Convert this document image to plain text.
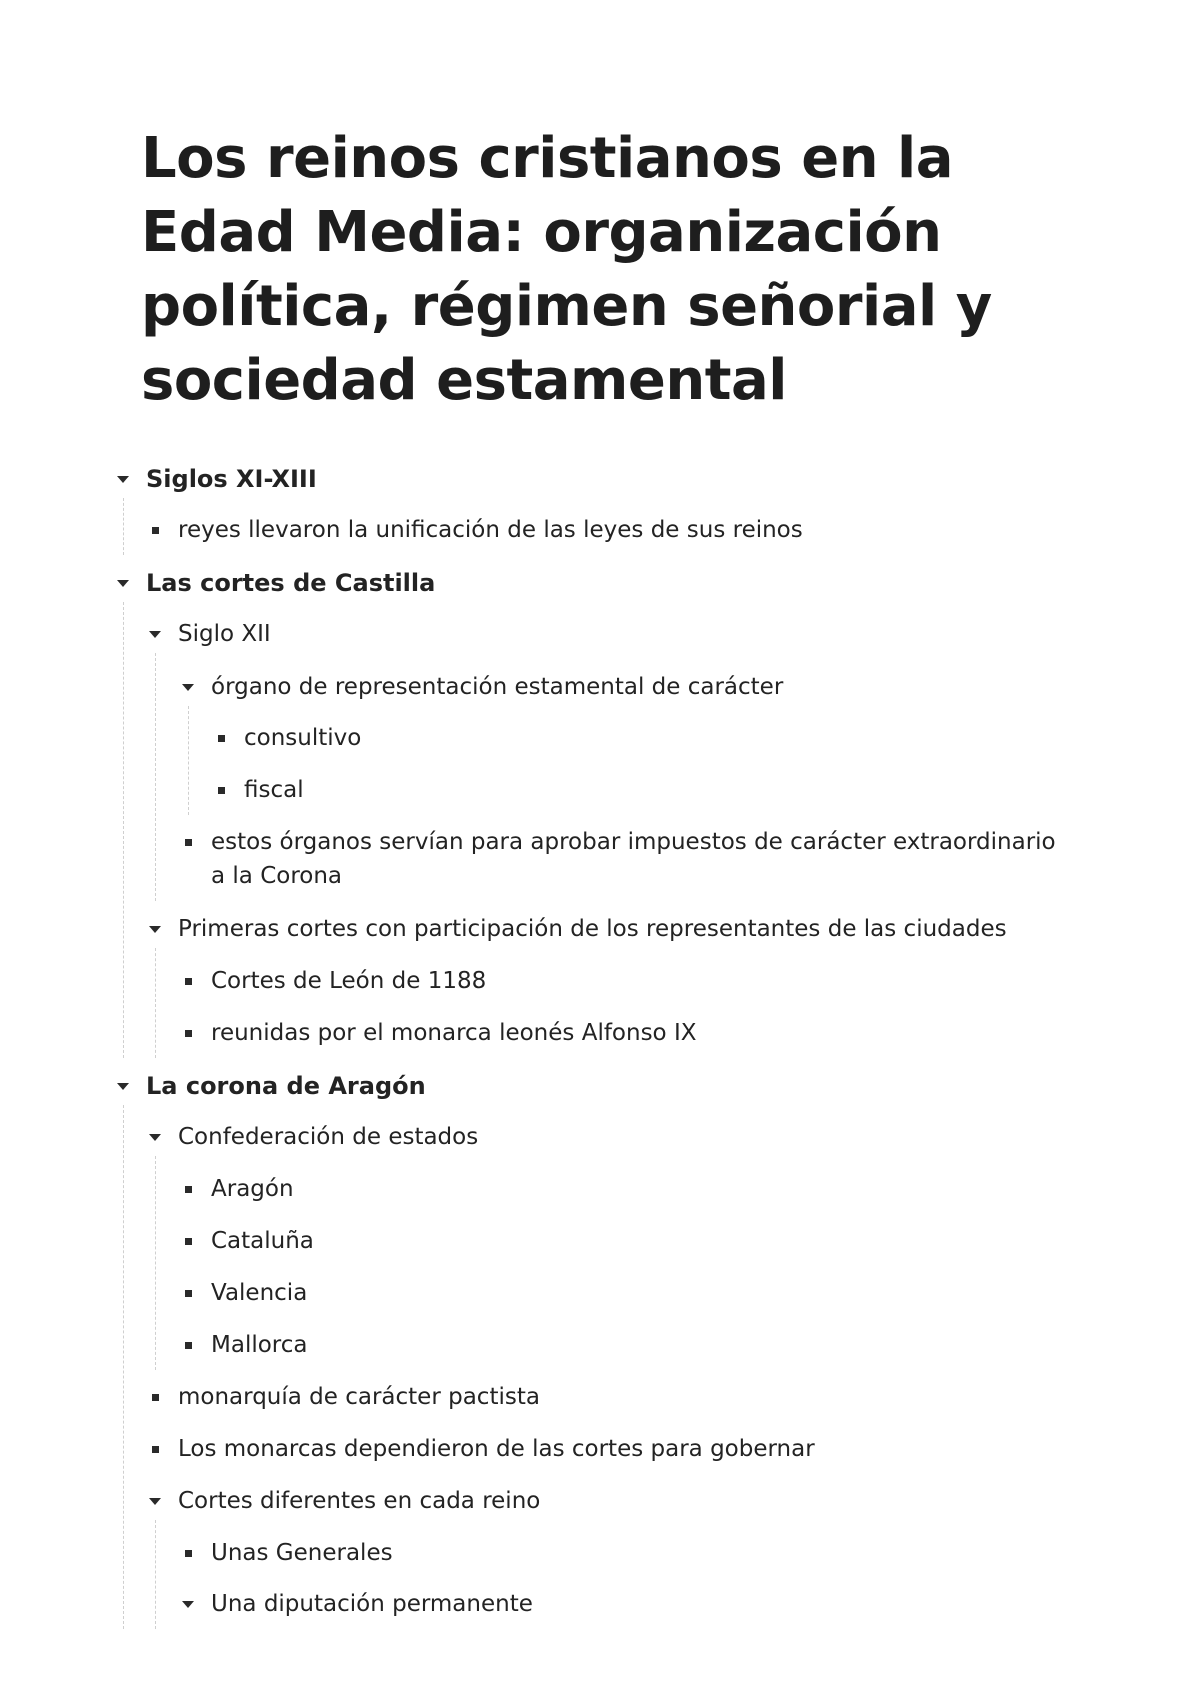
Los reinos cristianos en la Edad Media: organización política, régimen señorial y sociedad estamental
Siglos XI-XIII
reyes llevaron la unificación de las leyes de sus reinos
Las cortes de Castilla
Siglo XII
órgano de representación estamental de carácter
consultivo
fiscal
estos órganos servían para aprobar impuestos de carácter extraordinario a la Corona
Primeras cortes con participación de los representantes de las ciudades
Cortes de León de 1188
reunidas por el monarca leonés Alfonso IX
La corona de Aragón
Confederación de estados
Aragón
Cataluña
Valencia
Mallorca
monarquía de carácter pactista
Los monarcas dependieron de las cortes para gobernar
Cortes diferentes en cada reino
Unas Generales
Una diputación permanente
